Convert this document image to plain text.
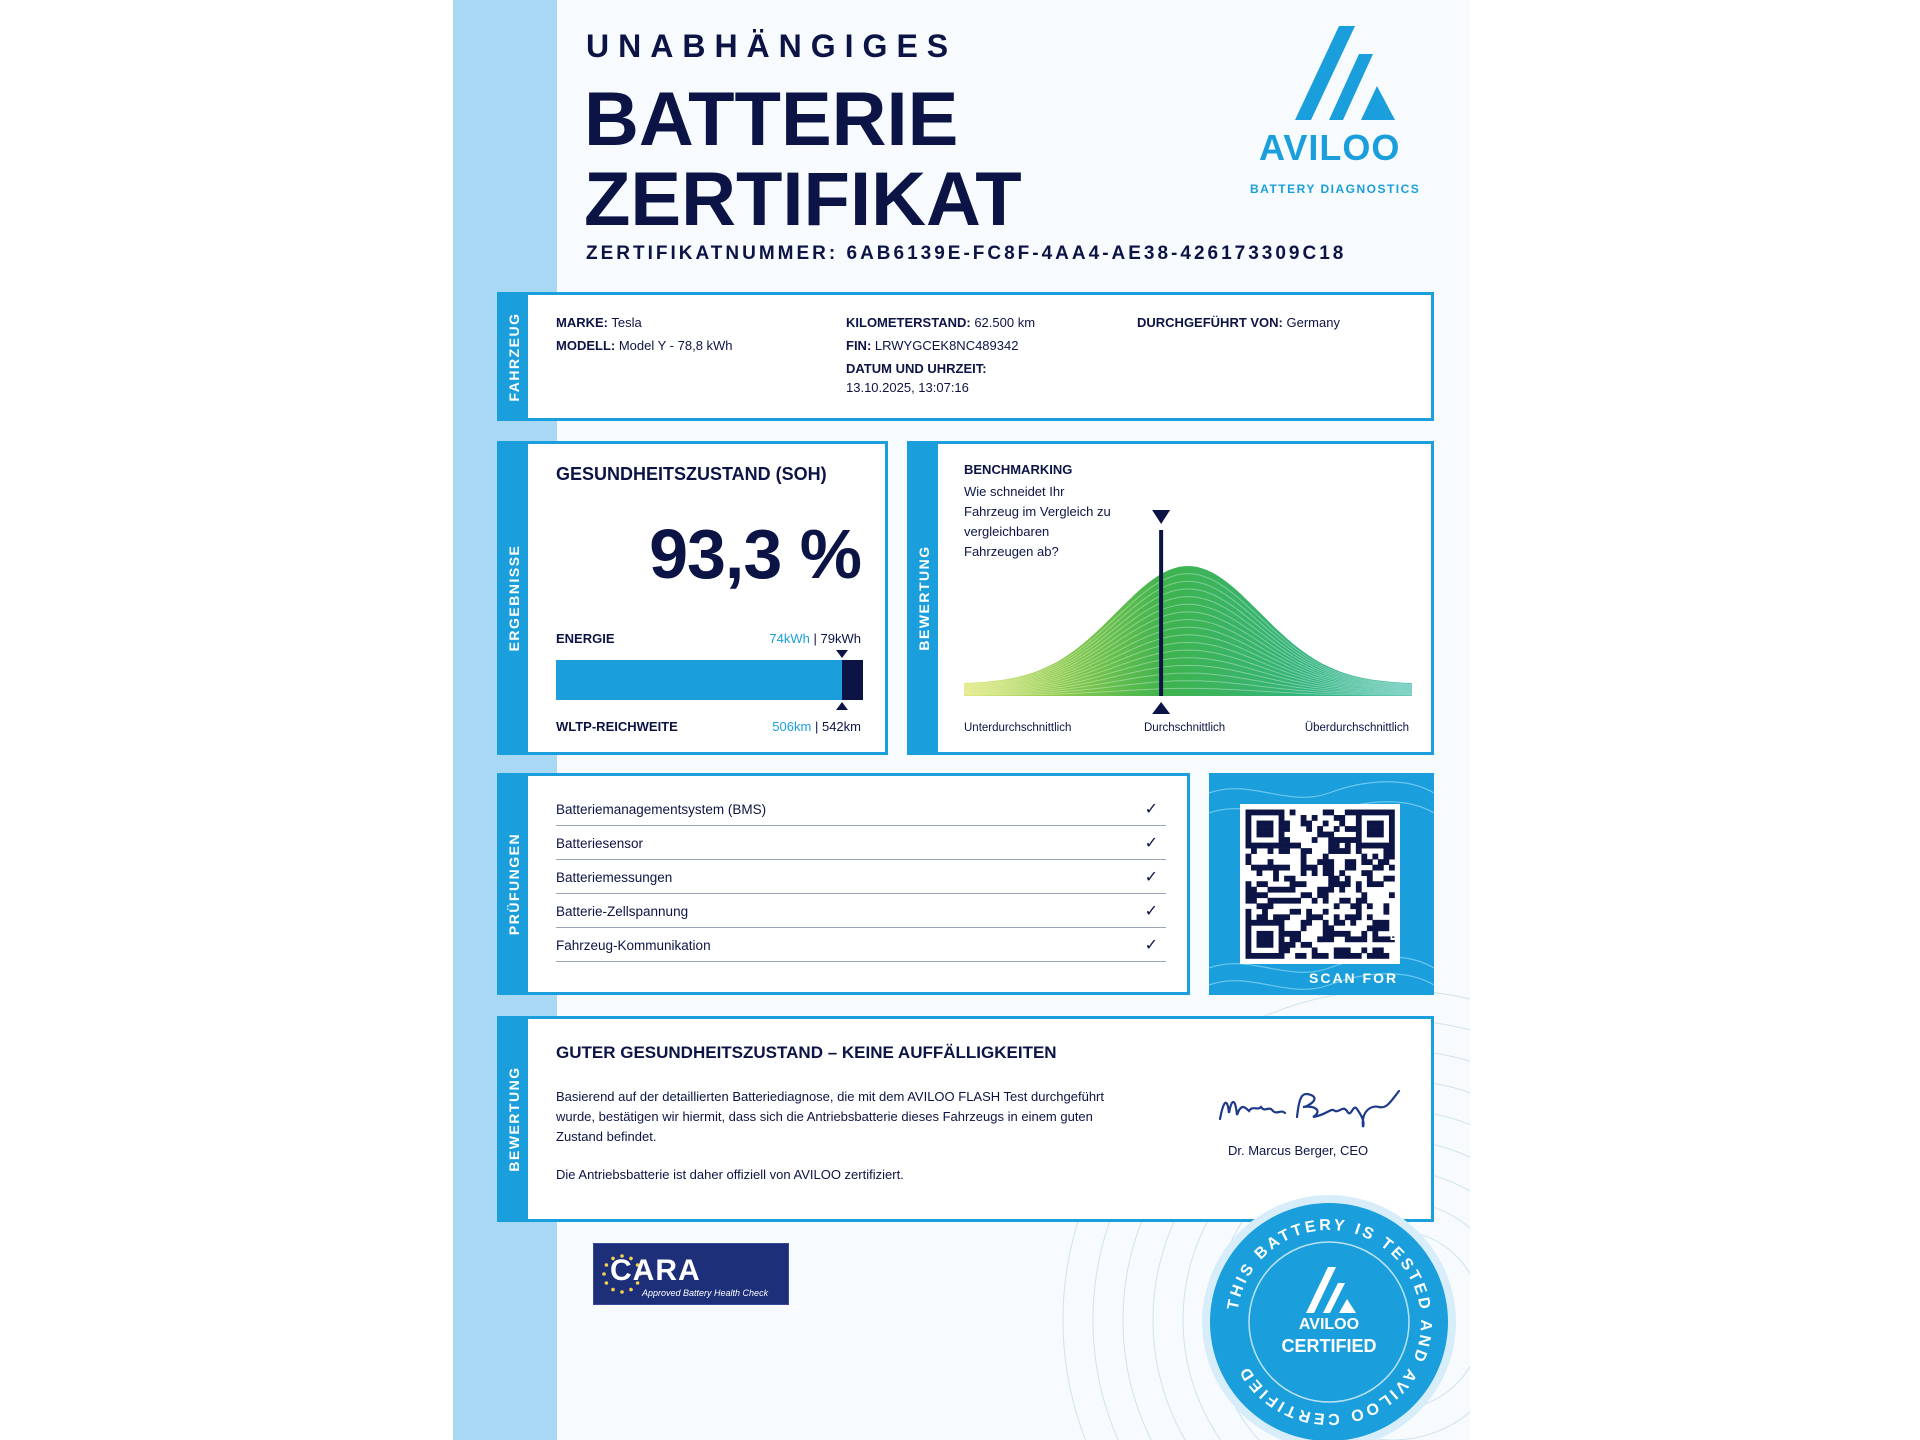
UNABHÄNGIGES
BATTERIE
ZERTIFIKAT
ZERTIFIKATNUMMER: 6AB6139E-FC8F-4AA4-AE38-426173309C18
AVILOO
BATTERY DIAGNOSTICS
FAHRZEUG	MARKE: Tesla
MODELL: Model Y - 78,8 kWh
KILOMETERSTAND: 62.500 km
FIN: LRWYGCEK8NC489342
DATUM UND UHRZEIT:
13.10.2025, 13:07:16
DURCHGEFÜHRT VON: Germany
ERGEBNISSE
GESUNDHEITSZUSTAND (SOH)
93,3 %
ENERGIE	74kWh | 79kWh
WLTP-REICHWEITE	506km | 542km
BEWERTUNG
BENCHMARKING
Wie schneidet Ihr
Fahrzeug im Vergleich zu
vergleichbaren
Fahrzeugen ab?
Unterdurchschnittlich	Durchschnittlich	Überdurchschnittlich
PRÜFUNGEN
Batteriemanagementsystem (BMS)	✓
Batteriesensor	✓
Batteriemessungen	✓
Batterie-Zellspannung	✓
Fahrzeug-Kommunikation	✓
SCAN FOR
DETAILS
BEWERTUNG
GUTER GESUNDHEITSZUSTAND – KEINE AUFFÄLLIGKEITEN
Basierend auf der detaillierten Batteriediagnose, die mit dem AVILOO FLASH Test durchgeführt
wurde, bestätigen wir hiermit, dass sich die Antriebsbatterie dieses Fahrzeugs in einem guten
Zustand befindet.
Die Antriebsbatterie ist daher offiziell von AVILOO zertifiziert.
Dr. Marcus Berger, CEO
CARA
Approved Battery Health Check
THIS BATTERY IS TESTED AND AVILOO CERTIFIED
AVILOO
CERTIFIED
